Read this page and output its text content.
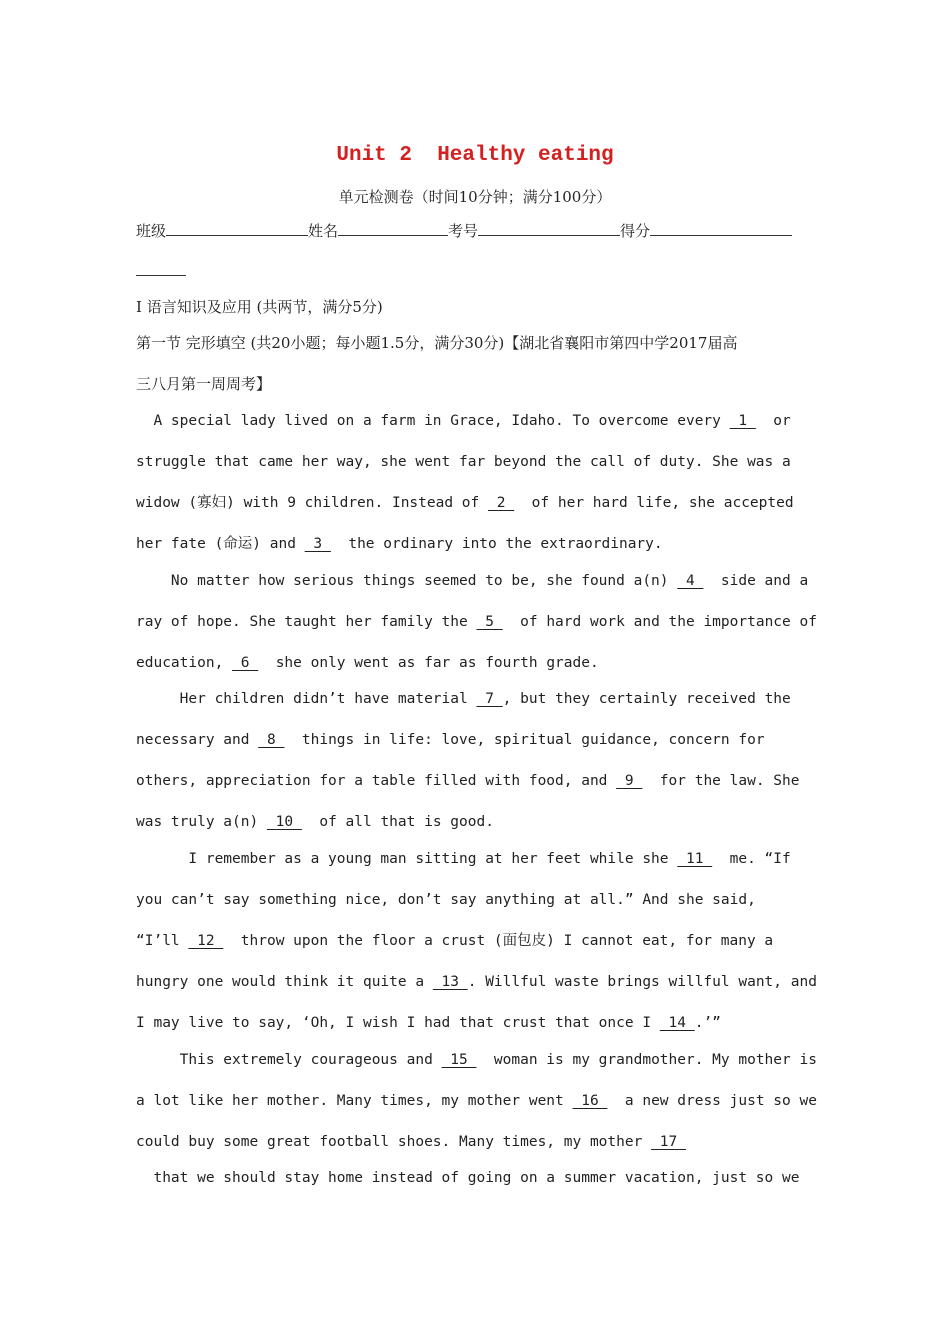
Unit 2  Healthy eating
单元检测卷（时间10分钟；满分100分）
班级	姓名	考号	得分
I 语言知识及应用 (共两节，满分5分)
第一节 完形填空 (共20小题；每小题1.5分，满分30分)【湖北省襄阳市第四中学2017届高
三八月第一周周考】
A special lady lived on a farm in Grace, Idaho. To overcome every  1   or
struggle that came her way, she went far beyond the call of duty. She was a
widow (寡妇) with 9 children. Instead of  2   of her hard life, she accepted
her fate (命运) and  3   the ordinary into the extraordinary.
No matter how serious things seemed to be, she found a(n)  4   side and a
ray of hope. She taught her family the  5   of hard work and the importance of
education,  6   she only went as far as fourth grade.
Her children didn’t have material  7 , but they certainly received the
necessary and  8   things in life: love, spiritual guidance, concern for
others, appreciation for a table filled with food, and  9   for the law. She
was truly a(n)  10   of all that is good.
I remember as a young man sitting at her feet while she  11   me. “If
you can’t say something nice, don’t say anything at all.” And she said,
“I’ll  12   throw upon the floor a crust (面包皮) I cannot eat, for many a
hungry one would think it quite a  13 . Willful waste brings willful want, and
I may live to say, ‘Oh, I wish I had that crust that once I  14 .’”
This extremely courageous and  15   woman is my grandmother. My mother is
a lot like her mother. Many times, my mother went  16   a new dress just so we
could buy some great football shoes. Many times, my mother  17
that we should stay home instead of going on a summer vacation, just so we
